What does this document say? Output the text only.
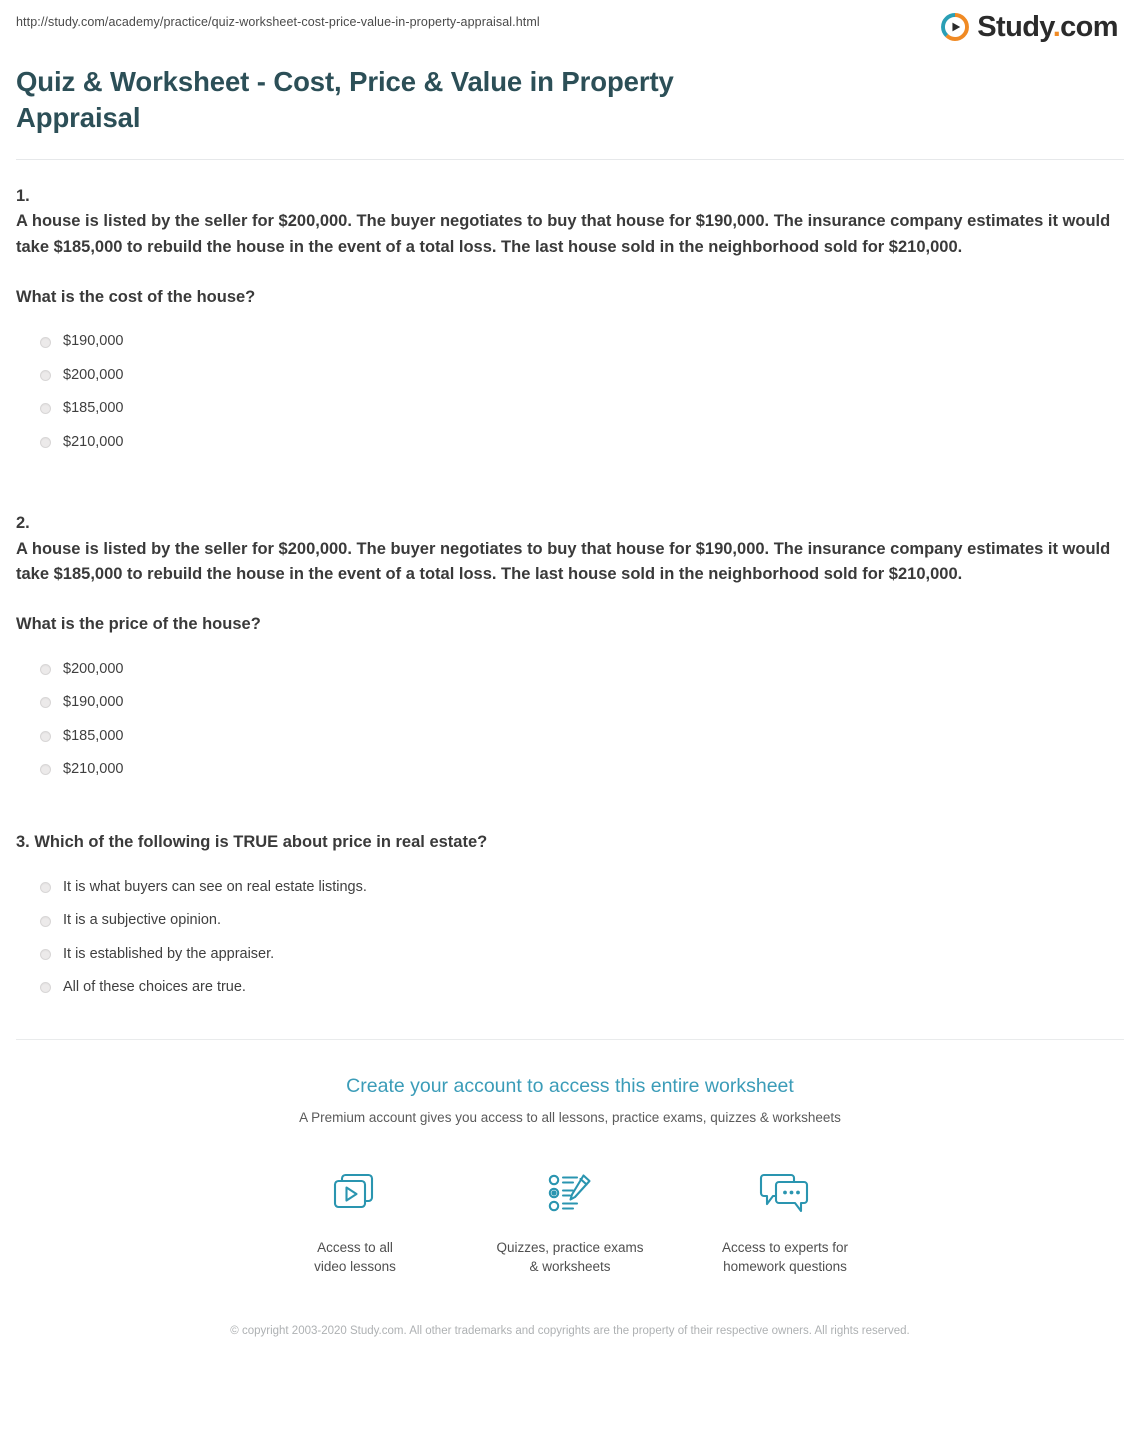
http://study.com/academy/practice/quiz-worksheet-cost-price-value-in-property-appraisal.html	Study.com
Quiz & Worksheet - Cost, Price & Value in Property Appraisal

1.

A house is listed by the seller for $200,000. The buyer negotiates to buy that house for $190,000. The insurance company estimates it would take $185,000 to rebuild the house in the event of a total loss. The last house sold in the neighborhood sold for $210,000.

What is the cost of the house?

$190,000
$200,000
$185,000
$210,000

2.

A house is listed by the seller for $200,000. The buyer negotiates to buy that house for $190,000. The insurance company estimates it would take $185,000 to rebuild the house in the event of a total loss. The last house sold in the neighborhood sold for $210,000.

What is the price of the house?

$200,000
$190,000
$185,000
$210,000

3. Which of the following is TRUE about price in real estate?

It is what buyers can see on real estate listings.
It is a subjective opinion.
It is established by the appraiser.
All of these choices are true.
Create your account to access this entire worksheet
A Premium account gives you access to all lessons, practice exams, quizzes & worksheets
Access to all
video lessons
Quizzes, practice exams
& worksheets
Access to experts for
homework questions
© copyright 2003-2020 Study.com. All other trademarks and copyrights are the property of their respective owners. All rights reserved.
